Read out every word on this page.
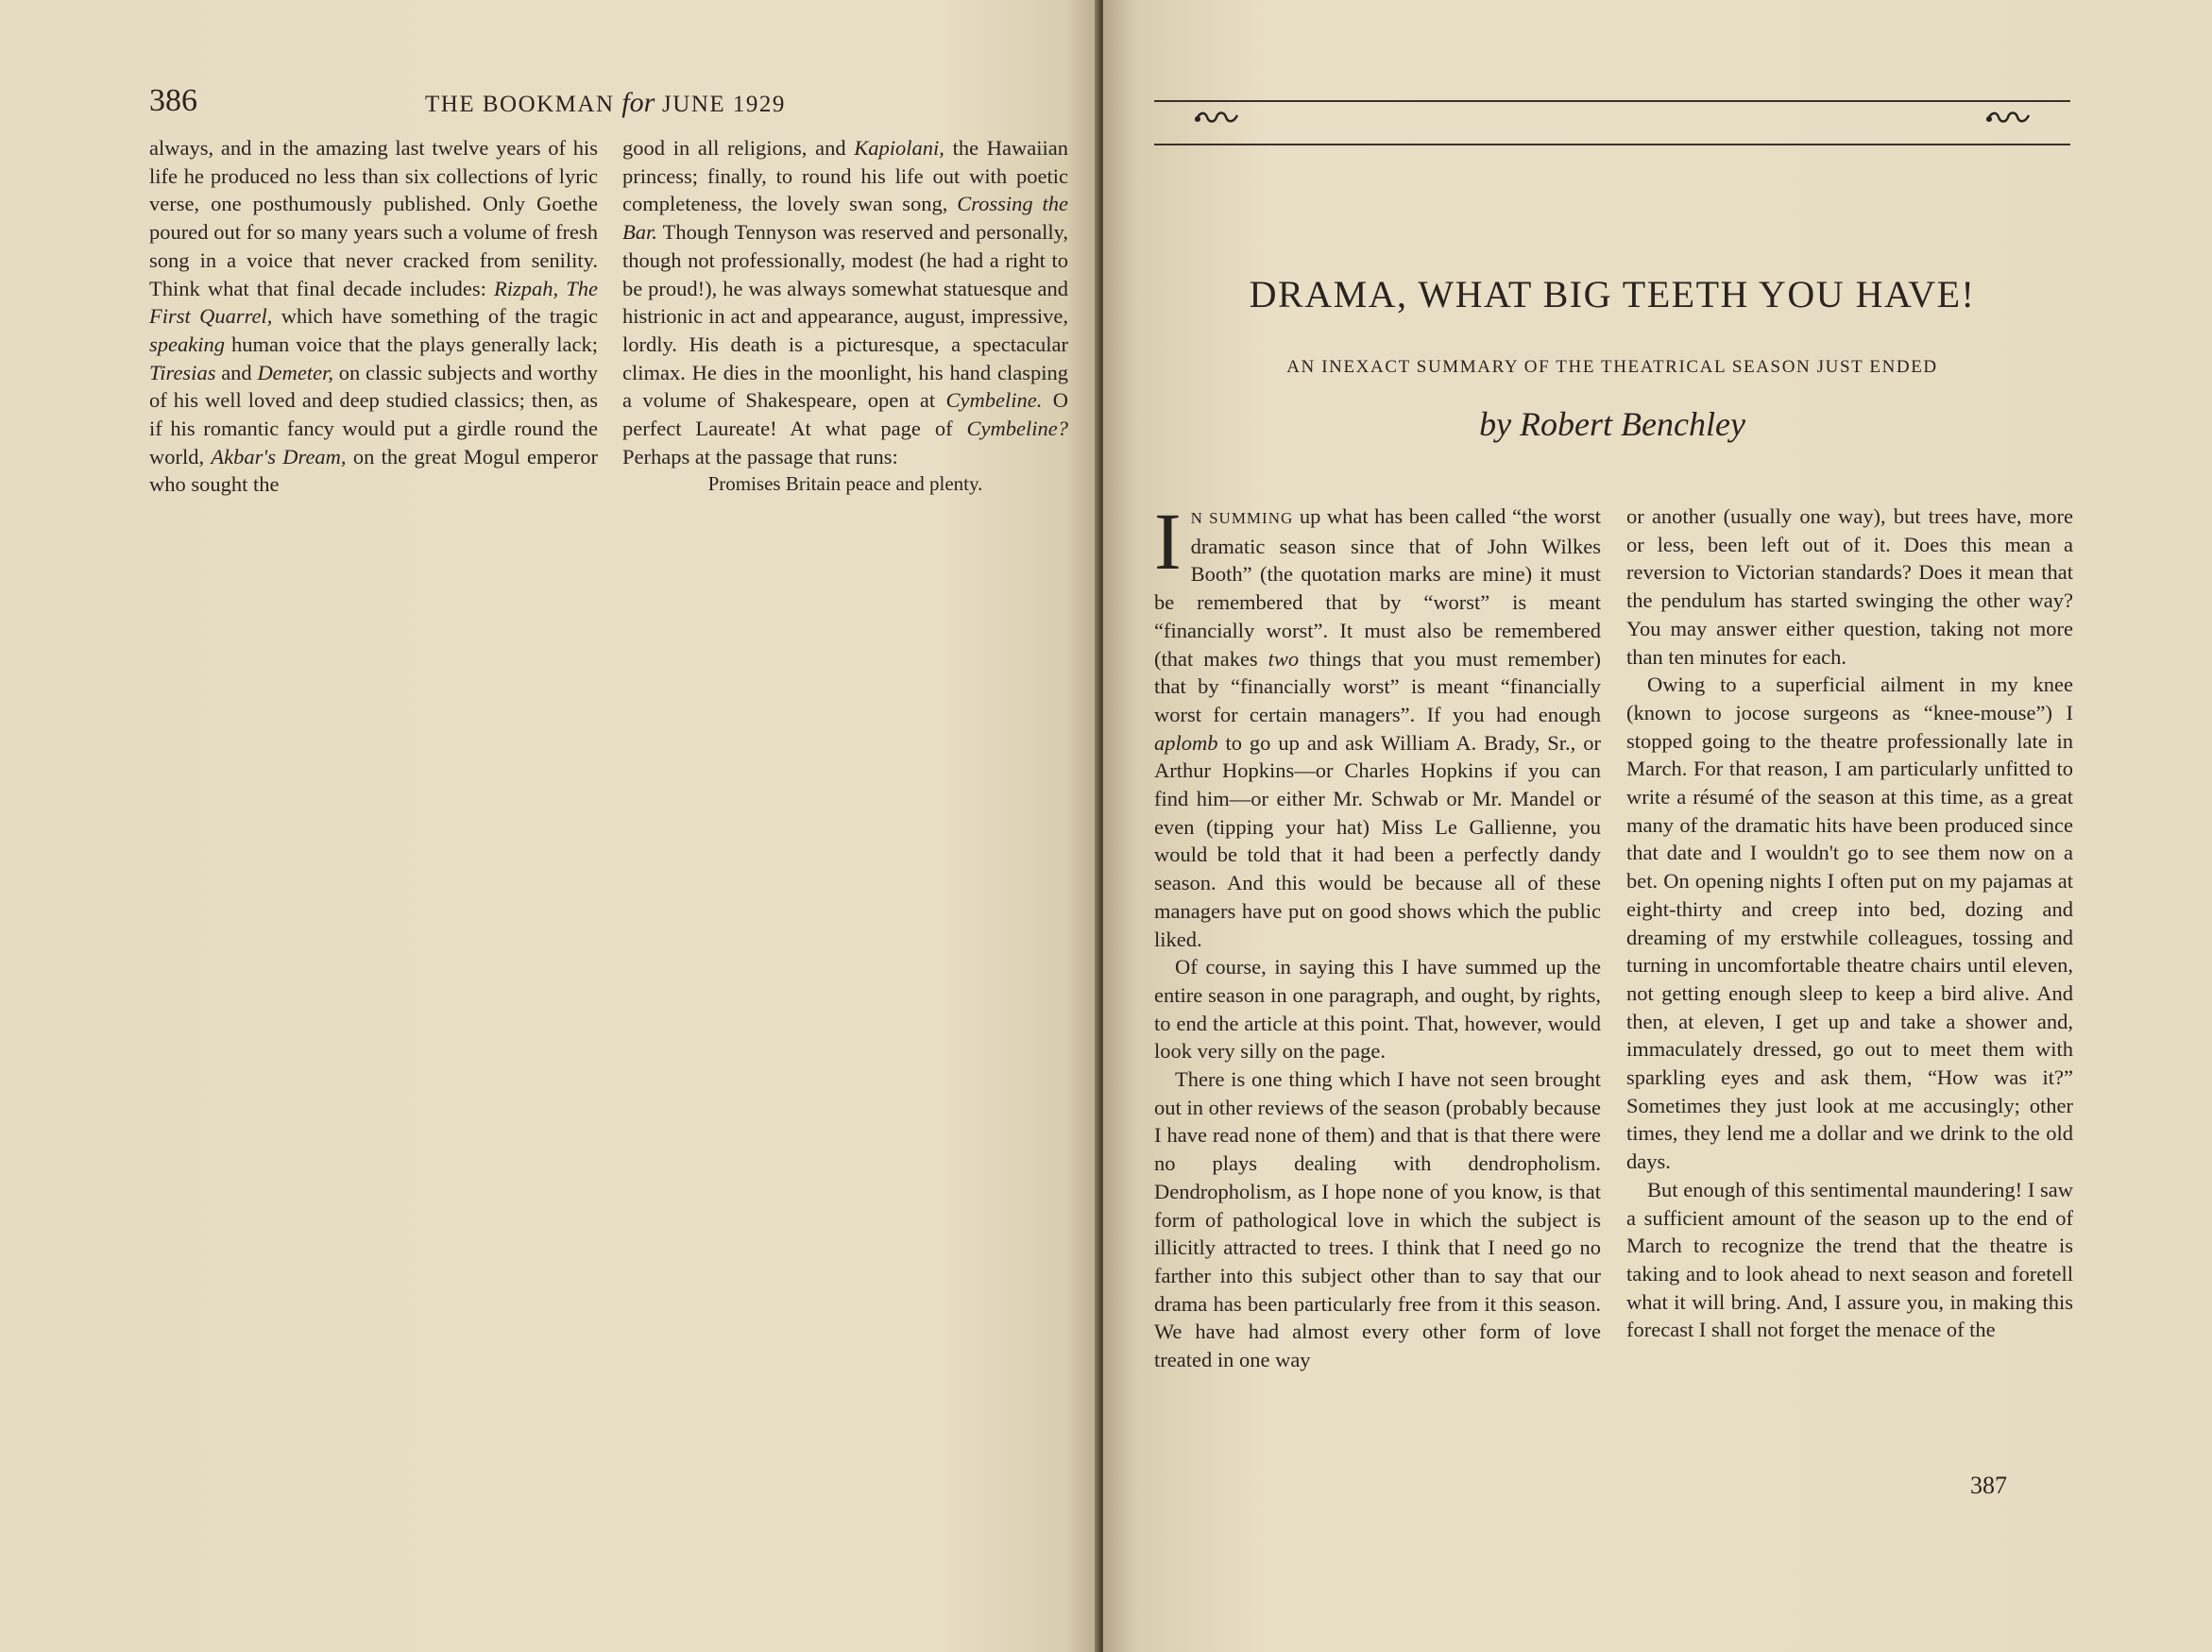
386	THE BOOKMAN for JUNE 1929

always, and in the amazing last twelve years of his life he produced no less than six collections of lyric verse, one posthumously published. Only Goethe poured out for so many years such a volume of fresh song in a voice that never cracked from senility. Think what that final decade includes: Rizpah, The First Quarrel, which have something of the tragic speaking human voice that the plays generally lack; Tiresias and Demeter, on classic subjects and worthy of his well loved and deep studied classics; then, as if his romantic fancy would put a girdle round the world, Akbar's Dream, on the great Mogul emperor who sought the

good in all religions, and Kapiolani, the Hawaiian princess; finally, to round his life out with poetic completeness, the lovely swan song, Crossing the Bar. Though Tennyson was reserved and personally, though not professionally, modest (he had a right to be proud!), he was always somewhat statuesque and histrionic in act and appearance, august, impressive, lordly. His death is a picturesque, a spectacular climax. He dies in the moonlight, his hand clasping a volume of Shakespeare, open at Cymbeline. O perfect Laureate! At what page of Cymbeline? Perhaps at the passage that runs:

Promises Britain peace and plenty.

DRAMA, WHAT BIG TEETH YOU HAVE!

AN INEXACT SUMMARY OF THE THEATRICAL SEASON JUST ENDED

by Robert Benchley

IN SUMMING up what has been called “the worst dramatic season since that of John Wilkes Booth” (the quotation marks are mine) it must be remembered that by “worst” is meant “financially worst”. It must also be remembered (that makes two things that you must remember) that by “financially worst” is meant “financially worst for certain managers”. If you had enough aplomb to go up and ask William A. Brady, Sr., or Arthur Hopkins—or Charles Hopkins if you can find him—or either Mr. Schwab or Mr. Mandel or even (tipping your hat) Miss Le Gallienne, you would be told that it had been a perfectly dandy season. And this would be because all of these managers have put on good shows which the public liked.

Of course, in saying this I have summed up the entire season in one paragraph, and ought, by rights, to end the article at this point. That, however, would look very silly on the page.

There is one thing which I have not seen brought out in other reviews of the season (probably because I have read none of them) and that is that there were no plays dealing with dendropholism. Dendropholism, as I hope none of you know, is that form of pathological love in which the subject is illicitly attracted to trees. I think that I need go no farther into this subject other than to say that our drama has been particularly free from it this season. We have had almost every other form of love treated in one way

or another (usually one way), but trees have, more or less, been left out of it. Does this mean a reversion to Victorian standards? Does it mean that the pendulum has started swinging the other way? You may answer either question, taking not more than ten minutes for each.

Owing to a superficial ailment in my knee (known to jocose surgeons as “knee-mouse”) I stopped going to the theatre professionally late in March. For that reason, I am particularly unfitted to write a résumé of the season at this time, as a great many of the dramatic hits have been produced since that date and I wouldn't go to see them now on a bet. On opening nights I often put on my pajamas at eight-thirty and creep into bed, dozing and dreaming of my erstwhile colleagues, tossing and turning in uncomfortable theatre chairs until eleven, not getting enough sleep to keep a bird alive. And then, at eleven, I get up and take a shower and, immaculately dressed, go out to meet them with sparkling eyes and ask them, “How was it?” Sometimes they just look at me accusingly; other times, they lend me a dollar and we drink to the old days.

But enough of this sentimental maundering! I saw a sufficient amount of the season up to the end of March to recognize the trend that the theatre is taking and to look ahead to next season and foretell what it will bring. And, I assure you, in making this forecast I shall not forget the menace of the

387
